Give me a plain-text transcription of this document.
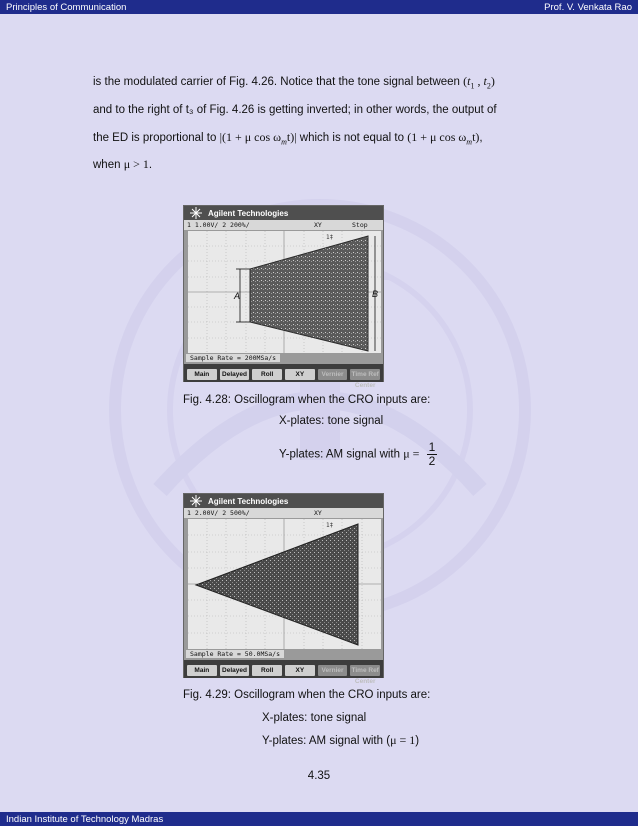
Principles of Communication	Prof. V. Venkata Rao
is the modulated carrier of Fig. 4.26. Notice that the tone signal between ($t_1$ , $t_2$)
and to the right of t₃ of Fig. 4.26 is getting inverted; in other words, the output of
the ED is proportional to |(1 + μ $\cos \omega_mt)|$ which is not equal to (1 + μ $\cos \omega_mt$),
when μ > 1.
Agilent Technologies
1 1.00V/ 2 200%/	XY	Stop
A	B
1‡
Sample Rate = 200MSa/s
Main	Delayed	Roll	XY	Vernier	Time Ref Center
Fig. 4.28: Oscillogram when the CRO inputs are:
X-plates: tone signal
Y-plates: AM signal with $\mu = \frac{1}{2}$
Agilent Technologies
1 2.00V/ 2 500%/	XY
1‡
Sample Rate = 50.0MSa/s
Main	Delayed	Roll	XY	Vernier	Time Ref Center
Fig. 4.29: Oscillogram when the CRO inputs are:
X-plates: tone signal
Y-plates: AM signal with (μ = 1)
4.35
Indian Institute of Technology Madras
